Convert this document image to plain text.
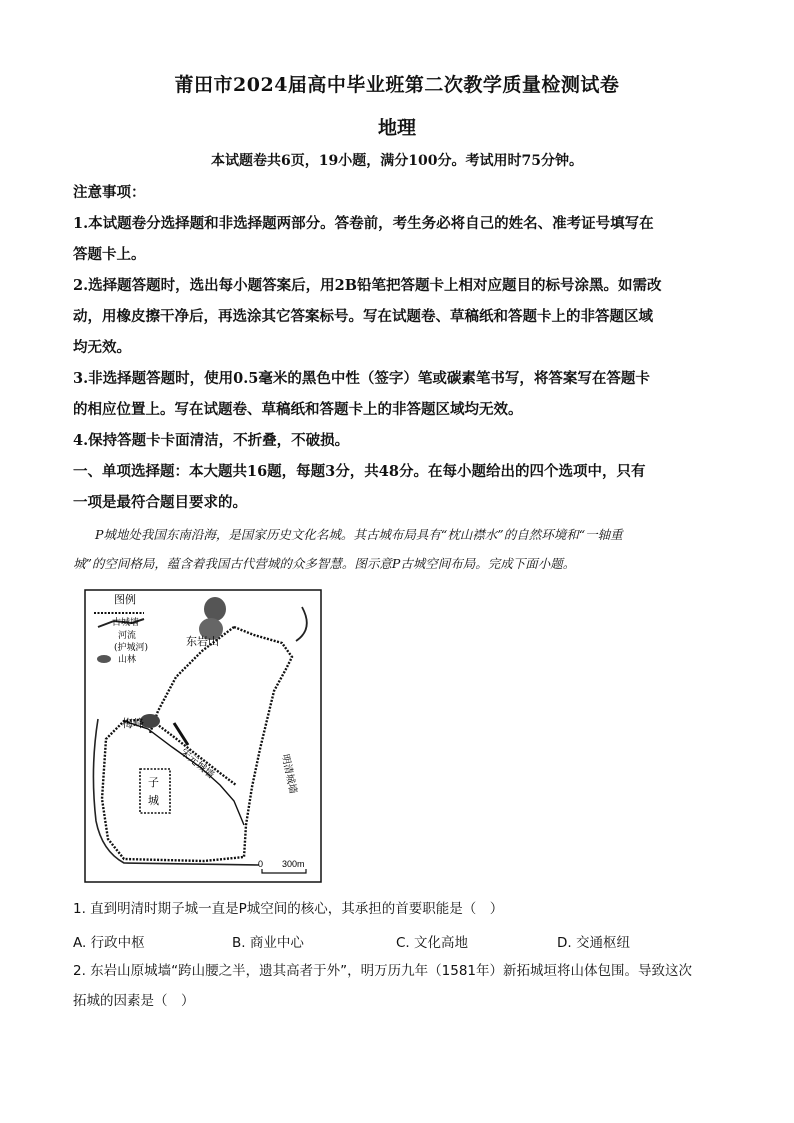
莆田市2024届高中毕业班第二次教学质量检测试卷
地理
本试题卷共6页，19小题，满分100分。考试用时75分钟。
注意事项：
1.本试题卷分选择题和非选择题两部分。答卷前，考生务必将自己的姓名、准考证号填写在
答题卡上。
2.选择题答题时，选出每小题答案后，用2B铅笔把答题卡上相对应题目的标号涂黑。如需改
动，用橡皮擦干净后，再选涂其它答案标号。写在试题卷、草稿纸和答题卡上的非答题区域
均无效。
3.非选择题答题时，使用0.5毫米的黑色中性（签字）笔或碳素笔书写，将答案写在答题卡
的相应位置上。写在试题卷、草稿纸和答题卡上的非答题区域均无效。
4.保持答题卡卡面清洁，不折叠，不破损。
一、单项选择题：本大题共16题，每题3分，共48分。在每小题给出的四个选项中，只有
一项是最符合题目要求的。
P城地处我国东南沿海，是国家历史文化名城。其古城布局具有“枕山襟水”的自然环境和“一轴重
城”的空间格局，蕴含着我国古代营城的众多智慧。图示意P古城空间布局。完成下面小题。
图例
古城墙
河流
(护城河)
山林
东岩山
梅峰
宋元城墙	明清城墙
子
城
0 300m
1. 直到明清时期子城一直是P城空间的核心，其承担的首要职能是（　）
A. 行政中枢	B. 商业中心	C. 文化高地	D. 交通枢纽
2. 东岩山原城墙“跨山腰之半，遗其高者于外”，明万历九年（1581年）新拓城垣将山体包围。导致这次
拓城的因素是（　）
